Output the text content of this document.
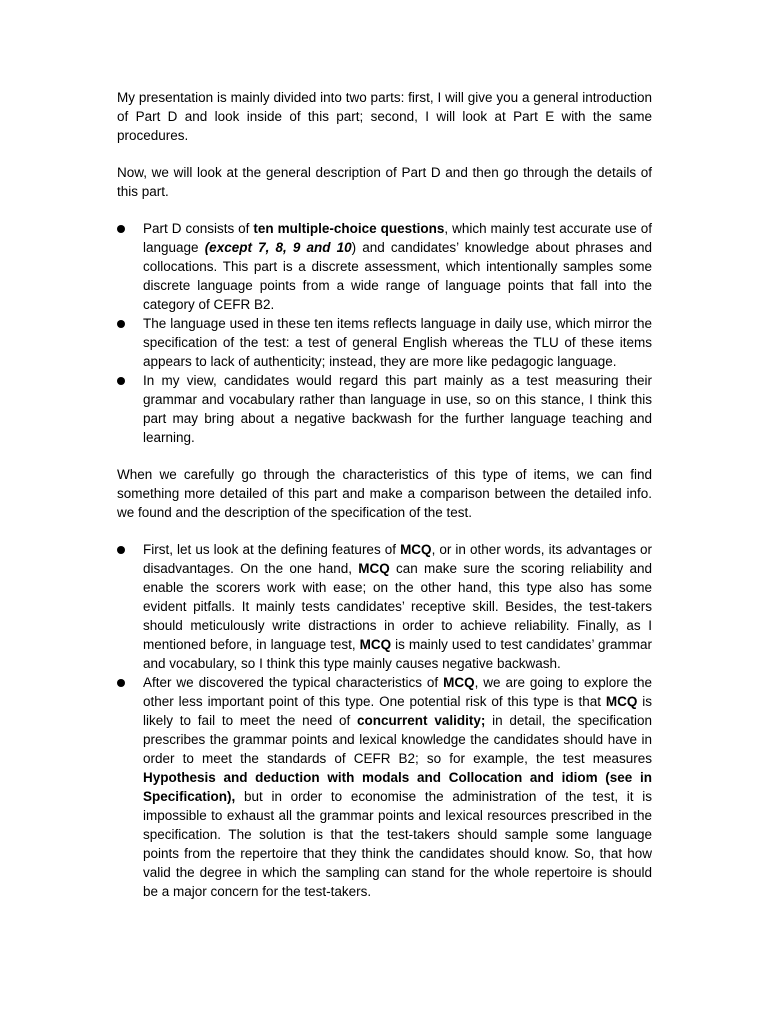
My presentation is mainly divided into two parts: first, I will give you a general introduction of Part D and look inside of this part; second, I will look at Part E with the same procedures.

Now, we will look at the general description of Part D and then go through the details of this part.

Part D consists of ten multiple-choice questions, which mainly test accurate use of language (except 7, 8, 9 and 10) and candidates’ knowledge about phrases and collocations. This part is a discrete assessment, which intentionally samples some discrete language points from a wide range of language points that fall into the category of CEFR B2.
The language used in these ten items reflects language in daily use, which mirror the specification of the test: a test of general English whereas the TLU of these items appears to lack of authenticity; instead, they are more like pedagogic language.
In my view, candidates would regard this part mainly as a test measuring their grammar and vocabulary rather than language in use, so on this stance, I think this part may bring about a negative backwash for the further language teaching and learning.

When we carefully go through the characteristics of this type of items, we can find something more detailed of this part and make a comparison between the detailed info. we found and the description of the specification of the test.

First, let us look at the defining features of MCQ, or in other words, its advantages or disadvantages. On the one hand, MCQ can make sure the scoring reliability and enable the scorers work with ease; on the other hand, this type also has some evident pitfalls. It mainly tests candidates’ receptive skill. Besides, the test-takers should meticulously write distractions in order to achieve reliability. Finally, as I mentioned before, in language test, MCQ is mainly used to test candidates’ grammar and vocabulary, so I think this type mainly causes negative backwash.
After we discovered the typical characteristics of MCQ, we are going to explore the other less important point of this type. One potential risk of this type is that MCQ is likely to fail to meet the need of concurrent validity; in detail, the specification prescribes the grammar points and lexical knowledge the candidates should have in order to meet the standards of CEFR B2; so for example, the test measures Hypothesis and deduction with modals and Collocation and idiom (see in Specification), but in order to economise the administration of the test, it is impossible to exhaust all the grammar points and lexical resources prescribed in the specification. The solution is that the test-takers should sample some language points from the repertoire that they think the candidates should know. So, that how valid the degree in which the sampling can stand for the whole repertoire is should be a major concern for the test-takers.
